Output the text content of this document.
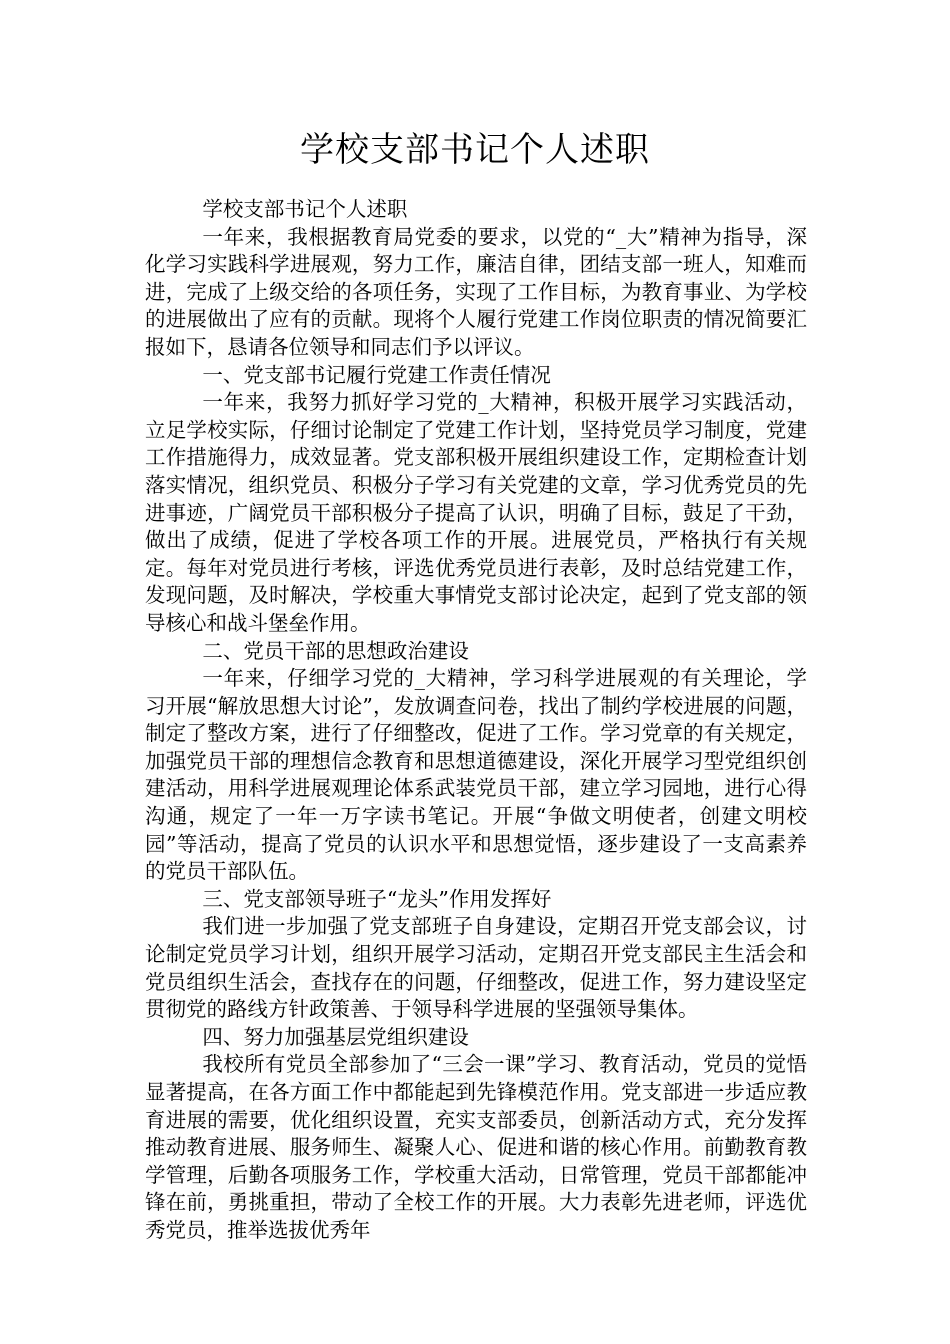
学校支部书记个人述职

学校支部书记个人述职

一年来，我根据教育局党委的要求，以党的“_大”精神为指导，深化学习实践科学进展观，努力工作，廉洁自律，团结支部一班人，知难而进，完成了上级交给的各项任务，实现了工作目标，为教育事业、为学校的进展做出了应有的贡献。现将个人履行党建工作岗位职责的情况简要汇报如下，恳请各位领导和同志们予以评议。

一、党支部书记履行党建工作责任情况

一年来，我努力抓好学习党的_大精神，积极开展学习实践活动，立足学校实际，仔细讨论制定了党建工作计划，坚持党员学习制度，党建工作措施得力，成效显著。党支部积极开展组织建设工作，定期检查计划落实情况，组织党员、积极分子学习有关党建的文章，学习优秀党员的先进事迹，广阔党员干部积极分子提高了认识，明确了目标，鼓足了干劲，做出了成绩，促进了学校各项工作的开展。进展党员，严格执行有关规定。每年对党员进行考核，评选优秀党员进行表彰，及时总结党建工作，发现问题，及时解决，学校重大事情党支部讨论决定，起到了党支部的领导核心和战斗堡垒作用。

二、党员干部的思想政治建设

一年来，仔细学习党的_大精神，学习科学进展观的有关理论，学习开展“解放思想大讨论”，发放调查问卷，找出了制约学校进展的问题，制定了整改方案，进行了仔细整改，促进了工作。学习党章的有关规定，加强党员干部的理想信念教育和思想道德建设，深化开展学习型党组织创建活动，用科学进展观理论体系武装党员干部，建立学习园地，进行心得沟通，规定了一年一万字读书笔记。开展“争做文明使者，创建文明校园”等活动，提高了党员的认识水平和思想觉悟，逐步建设了一支高素养的党员干部队伍。

三、党支部领导班子“龙头”作用发挥好

我们进一步加强了党支部班子自身建设，定期召开党支部会议，讨论制定党员学习计划，组织开展学习活动，定期召开党支部民主生活会和党员组织生活会，查找存在的问题，仔细整改，促进工作，努力建设坚定贯彻党的路线方针政策善、于领导科学进展的坚强领导集体。

四、努力加强基层党组织建设

我校所有党员全部参加了“三会一课”学习、教育活动，党员的觉悟显著提高，在各方面工作中都能起到先锋模范作用。党支部进一步适应教育进展的需要，优化组织设置，充实支部委员，创新活动方式，充分发挥推动教育进展、服务师生、凝聚人心、促进和谐的核心作用。前勤教育教学管理，后勤各项服务工作，学校重大活动，日常管理，党员干部都能冲锋在前，勇挑重担，带动了全校工作的开展。大力表彰先进老师，评选优秀党员，推举选拔优秀年
